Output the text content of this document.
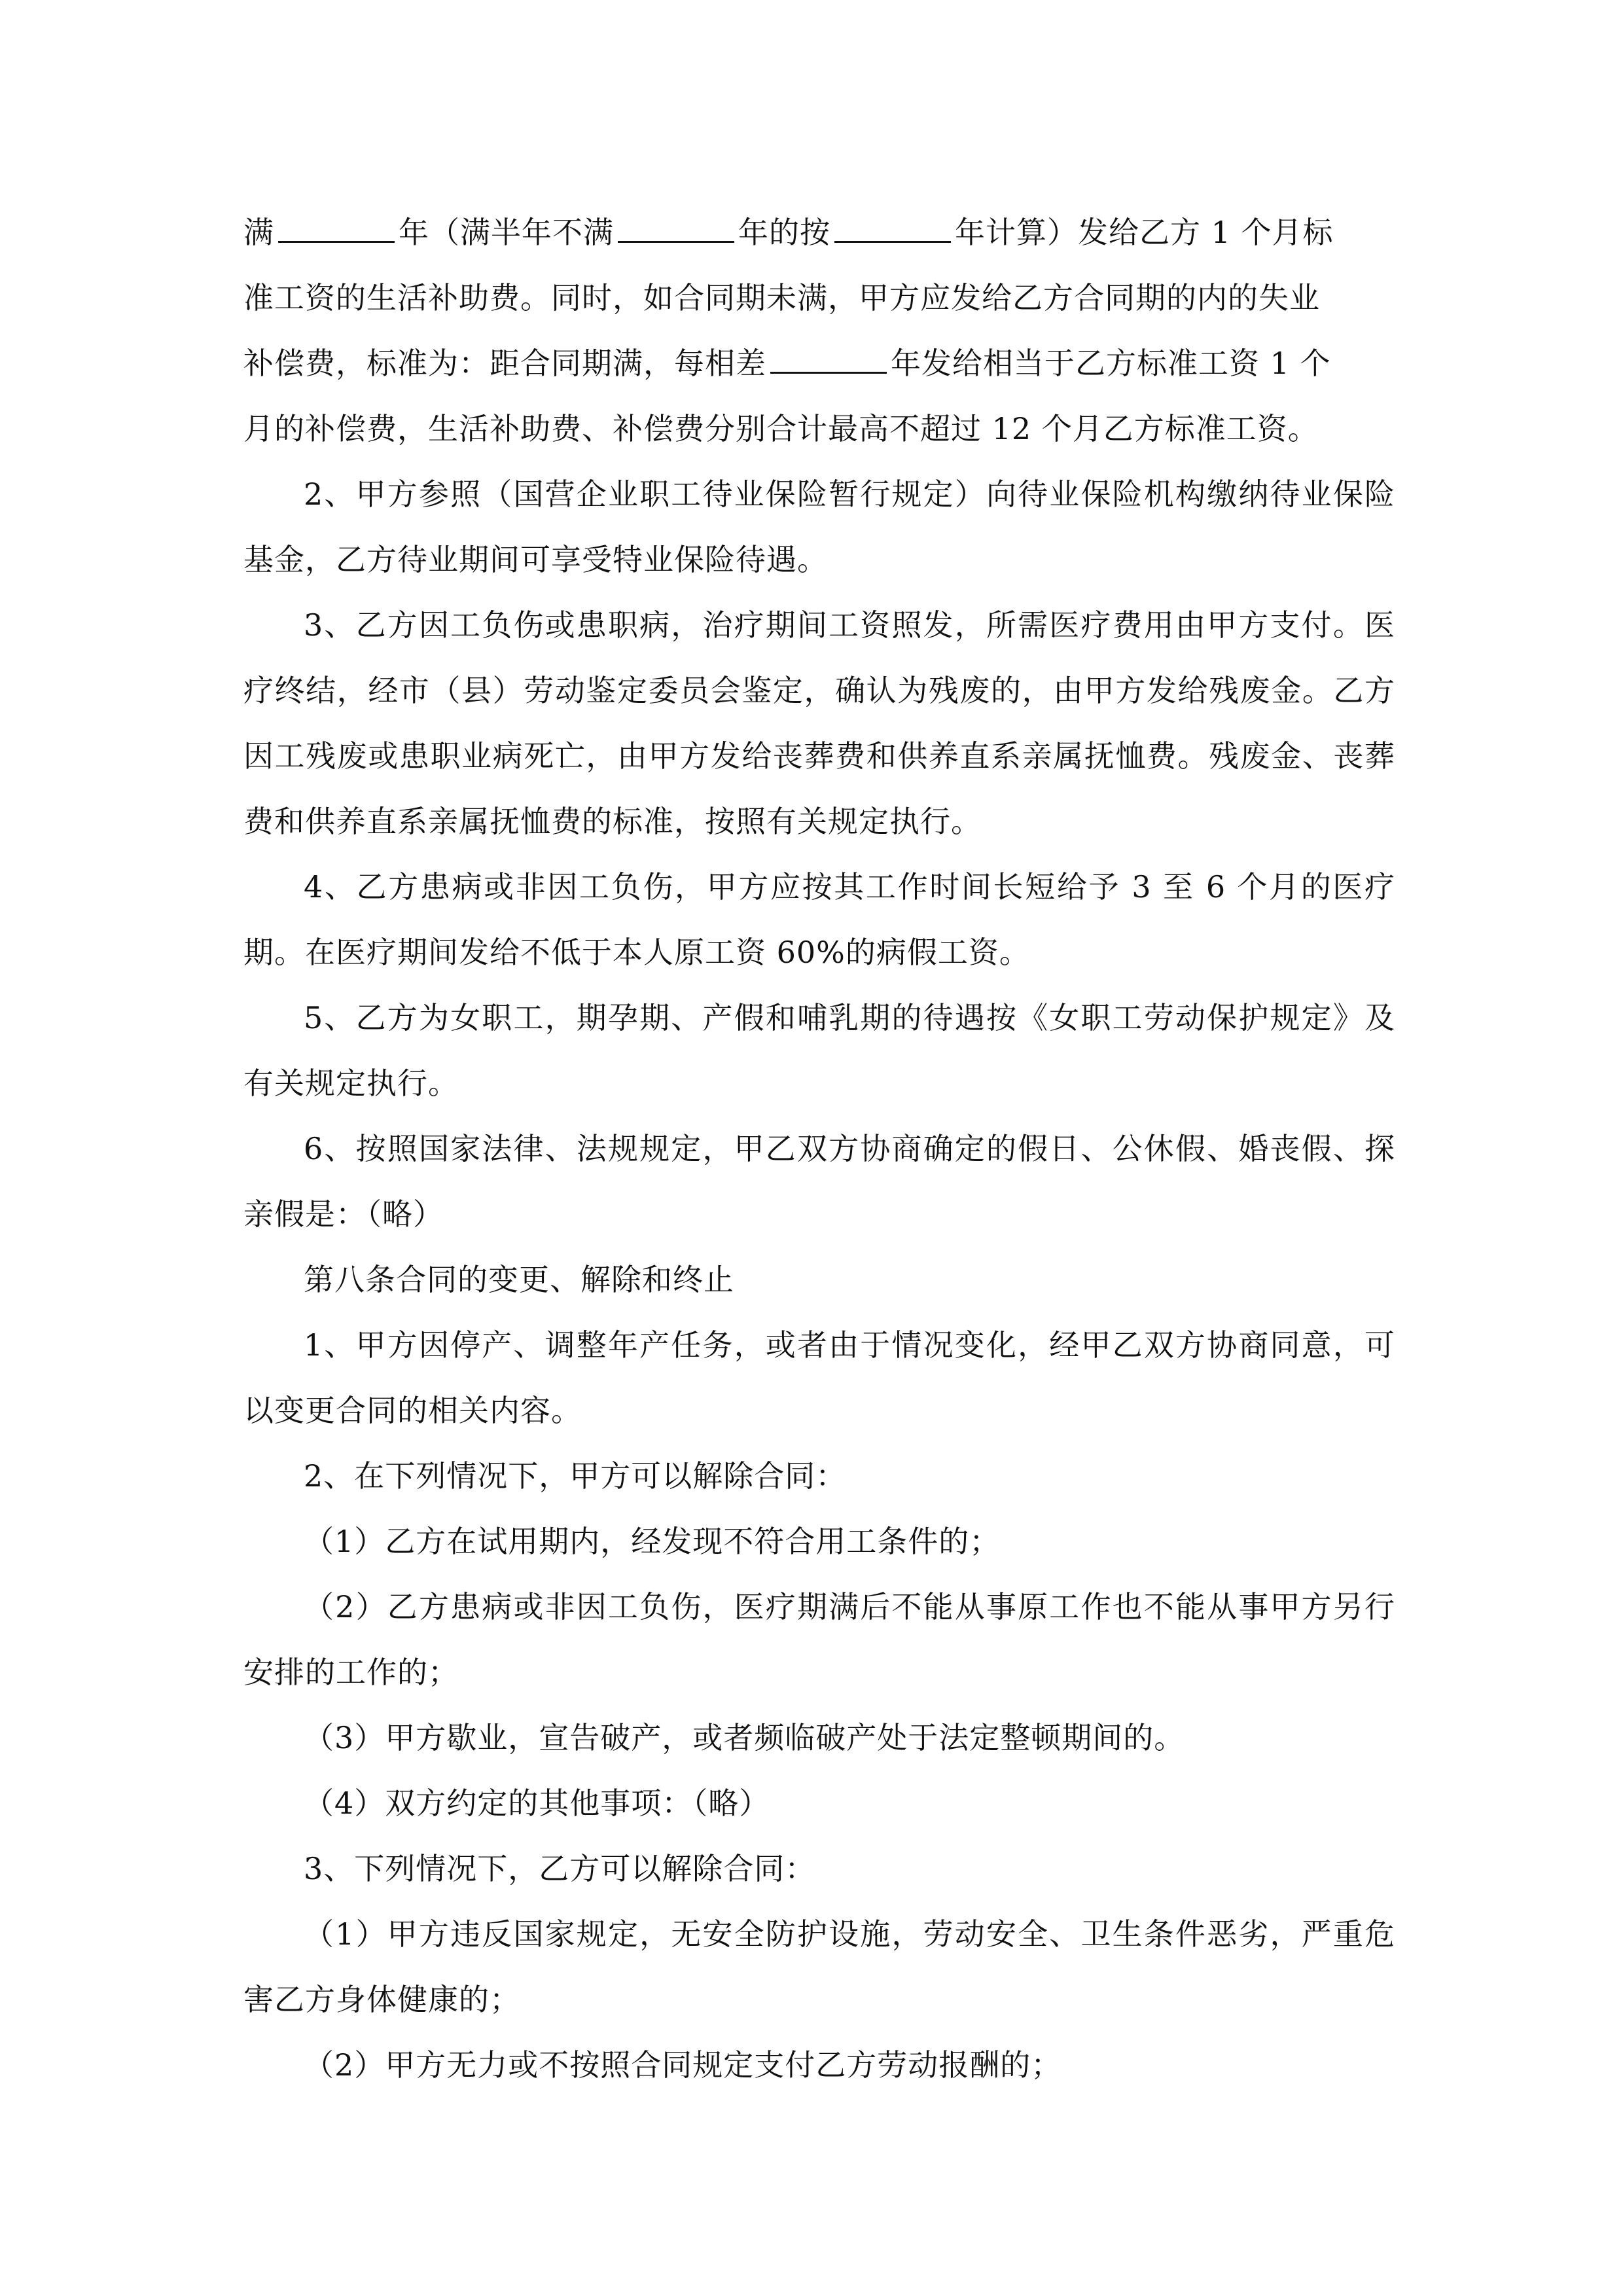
满	年（满半年不满	年的按	年计算）发给乙方 1 个月标
准工资的生活补助费。同时，如合同期未满，甲方应发给乙方合同期的内的失业
补偿费，标准为：距合同期满，每相差	年发给相当于乙方标准工资 1 个
月的补偿费，生活补助费、补偿费分别合计最高不超过 12 个月乙方标准工资。

2、甲方参照（国营企业职工待业保险暂行规定）向待业保险机构缴纳待业保险基金，乙方待业期间可享受特业保险待遇。

3、乙方因工负伤或患职病，治疗期间工资照发，所需医疗费用由甲方支付。医疗终结，经市（县）劳动鉴定委员会鉴定，确认为残废的，由甲方发给残废金。乙方因工残废或患职业病死亡，由甲方发给丧葬费和供养直系亲属抚恤费。残废金、丧葬费和供养直系亲属抚恤费的标准，按照有关规定执行。

4、乙方患病或非因工负伤，甲方应按其工作时间长短给予 3 至 6 个月的医疗期。在医疗期间发给不低于本人原工资 60%的病假工资。

5、乙方为女职工，期孕期、产假和哺乳期的待遇按《女职工劳动保护规定》及有关规定执行。

6、按照国家法律、法规规定，甲乙双方协商确定的假日、公休假、婚丧假、探亲假是：（略）

第八条合同的变更、解除和终止

1、甲方因停产、调整年产任务，或者由于情况变化，经甲乙双方协商同意，可以变更合同的相关内容。

2、在下列情况下，甲方可以解除合同：

（1）乙方在试用期内，经发现不符合用工条件的；

（2）乙方患病或非因工负伤，医疗期满后不能从事原工作也不能从事甲方另行安排的工作的；

（3）甲方歇业，宣告破产，或者频临破产处于法定整顿期间的。

（4）双方约定的其他事项：（略）

3、下列情况下，乙方可以解除合同：

（1）甲方违反国家规定，无安全防护设施，劳动安全、卫生条件恶劣，严重危害乙方身体健康的；

（2）甲方无力或不按照合同规定支付乙方劳动报酬的；
